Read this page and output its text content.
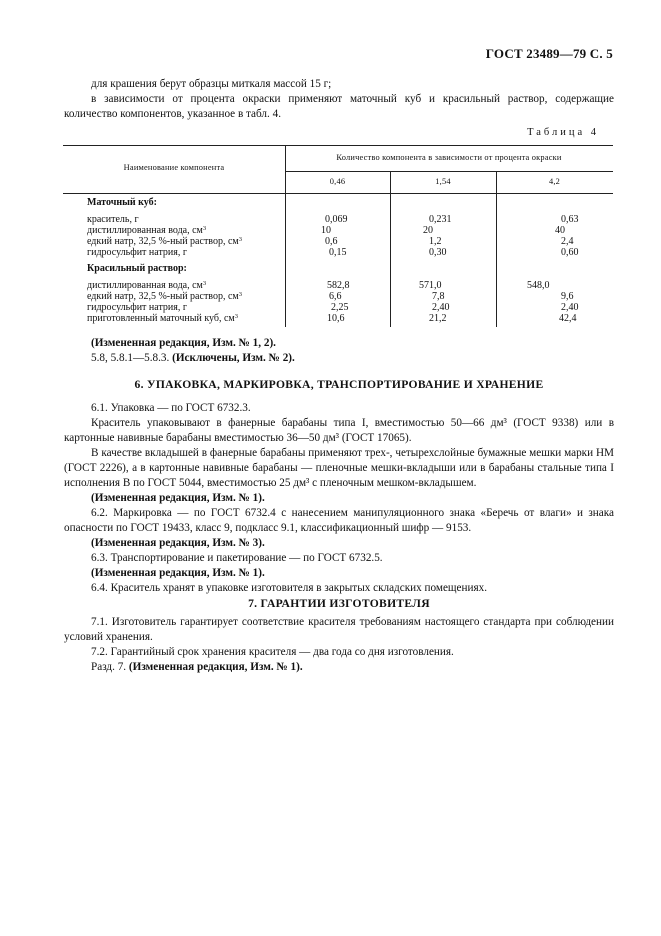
ГОСТ 23489—79 С. 5

для крашения берут образцы миткаля массой 15 г;

в зависимости от процента окраски применяют маточный куб и красильный раствор, содержащие количество компонентов, указанное в табл. 4.

Таблица 4
Наименование компонента
Количество компонента в зависимости от процента окраски
0,46	1,54	4,2
Маточный куб:
краситель, г	0,069	0,231	0,63
дистиллированная вода, $см^3$	10	20	40
едкий натр, 32,5 %-ный раствор, $см^3$	0,6	1,2	2,4
гидросульфит натрия, г	0,15	0,30	0,60
Красильный раствор:
дистиллированная вода, $см^3$	582,8	571,0	548,0
едкий натр, 32,5 %-ный раствор, $см^3$	6,6	7,8	9,6
гидросульфит натрия, г	2,25	2,40	2,40
приготовленный маточный куб, $см^3$	10,6	21,2	42,4

(Измененная редакция, Изм. № 1, 2).

5.8, 5.8.1—5.8.3. (Исключены, Изм. № 2).

6. УПАКОВКА, МАРКИРОВКА, ТРАНСПОРТИРОВАНИЕ И ХРАНЕНИЕ

6.1. Упаковка — по ГОСТ 6732.3.

Краситель упаковывают в фанерные барабаны типа I, вместимостью 50—66 дм³ (ГОСТ 9338) или в картонные навивные барабаны вместимостью 36—50 дм³ (ГОСТ 17065).

В качестве вкладышей в фанерные барабаны применяют трех-, четырехслойные бумажные мешки марки НМ (ГОСТ 2226), а в картонные навивные барабаны — пленочные мешки-вкладыши или в барабаны стальные типа I исполнения В по ГОСТ 5044, вместимостью 25 дм³ с пленочным мешком-вкладышем.

(Измененная редакция, Изм. № 1).

6.2. Маркировка — по ГОСТ 6732.4 с нанесением манипуляционного знака «Беречь от влаги» и знака опасности по ГОСТ 19433, класс 9, подкласс 9.1, классификационный шифр — 9153.

(Измененная редакция, Изм. № 3).

6.3. Транспортирование и пакетирование — по ГОСТ 6732.5.

(Измененная редакция, Изм. № 1).

6.4. Краситель хранят в упаковке изготовителя в закрытых складских помещениях.

7. ГАРАНТИИ ИЗГОТОВИТЕЛЯ

7.1. Изготовитель гарантирует соответствие красителя требованиям настоящего стандарта при соблюдении условий хранения.

7.2. Гарантийный срок хранения красителя — два года со дня изготовления.

Разд. 7. (Измененная редакция, Изм. № 1).
